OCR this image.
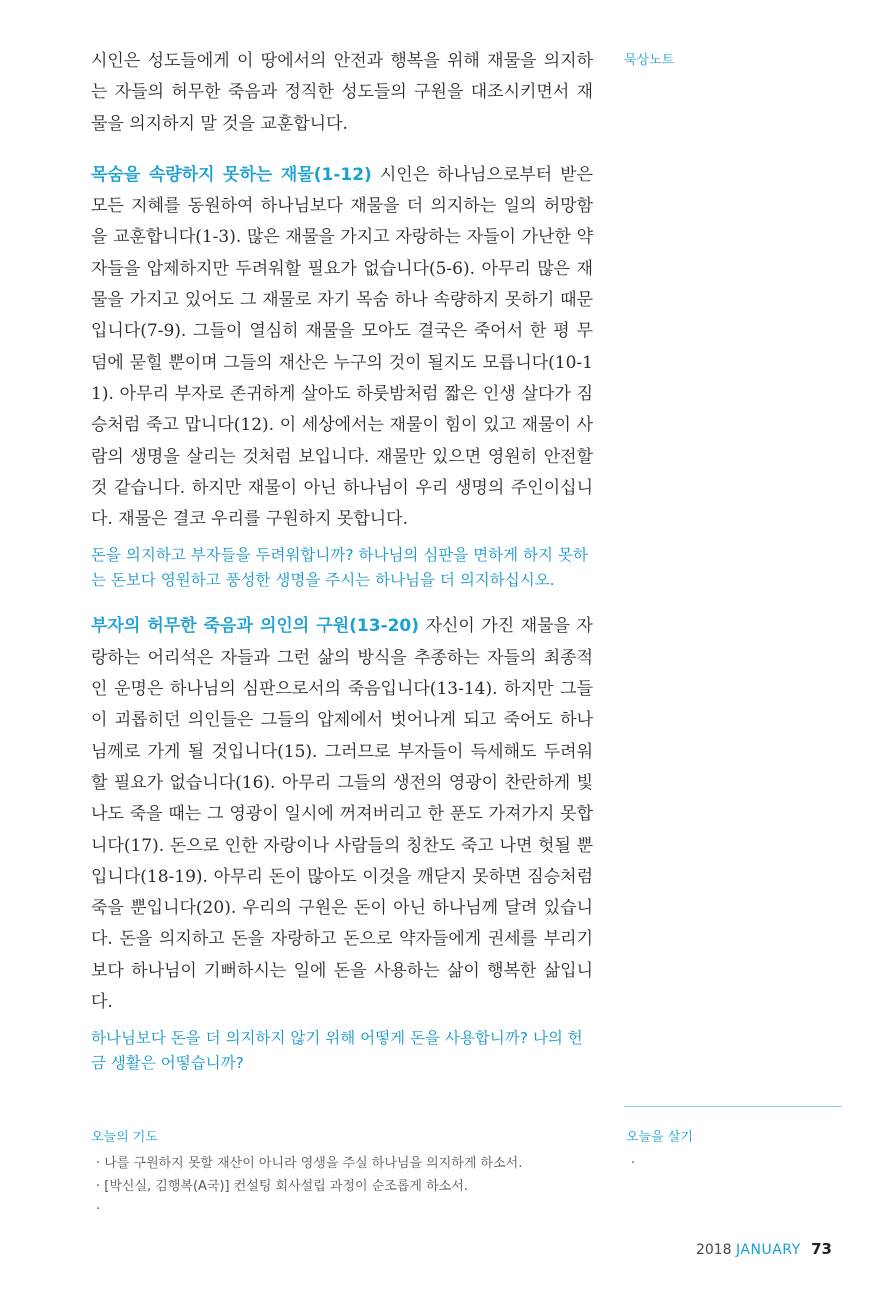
시인은 성도들에게 이 땅에서의 안전과 행복을 위해 재물을 의지하는 자들의 허무한 죽음과 정직한 성도들의 구원을 대조시키면서 재물을 의지하지 말 것을 교훈합니다.

목숨을 속량하지 못하는 재물(1-12) 시인은 하나님으로부터 받은 모든 지혜를 동원하여 하나님보다 재물을 더 의지하는 일의 허망함을 교훈합니다(1-3). 많은 재물을 가지고 자랑하는 자들이 가난한 약자들을 압제하지만 두려워할 필요가 없습니다(5-6). 아무리 많은 재물을 가지고 있어도 그 재물로 자기 목숨 하나 속량하지 못하기 때문입니다(7-9). 그들이 열심히 재물을 모아도 결국은 죽어서 한 평 무덤에 묻힐 뿐이며 그들의 재산은 누구의 것이 될지도 모릅니다(10-11). 아무리 부자로 존귀하게 살아도 하룻밤처럼 짧은 인생 살다가 짐승처럼 죽고 맙니다(12). 이 세상에서는 재물이 힘이 있고 재물이 사람의 생명을 살리는 것처럼 보입니다. 재물만 있으면 영원히 안전할 것 같습니다. 하지만 재물이 아닌 하나님이 우리 생명의 주인이십니다. 재물은 결코 우리를 구원하지 못합니다.

돈을 의지하고 부자들을 두려워합니까? 하나님의 심판을 면하게 하지 못하는 돈보다 영원하고 풍성한 생명을 주시는 하나님을 더 의지하십시오.

부자의 허무한 죽음과 의인의 구원(13-20) 자신이 가진 재물을 자랑하는 어리석은 자들과 그런 삶의 방식을 추종하는 자들의 최종적인 운명은 하나님의 심판으로서의 죽음입니다(13-14). 하지만 그들이 괴롭히던 의인들은 그들의 압제에서 벗어나게 되고 죽어도 하나님께로 가게 될 것입니다(15). 그러므로 부자들이 득세해도 두려워할 필요가 없습니다(16). 아무리 그들의 생전의 영광이 찬란하게 빛나도 죽을 때는 그 영광이 일시에 꺼져버리고 한 푼도 가져가지 못합니다(17). 돈으로 인한 자랑이나 사람들의 칭찬도 죽고 나면 헛될 뿐입니다(18-19). 아무리 돈이 많아도 이것을 깨닫지 못하면 짐승처럼 죽을 뿐입니다(20). 우리의 구원은 돈이 아닌 하나님께 달려 있습니다. 돈을 의지하고 돈을 자랑하고 돈으로 약자들에게 권세를 부리기보다 하나님이 기뻐하시는 일에 돈을 사용하는 삶이 행복한 삶입니다.

하나님보다 돈을 더 의지하지 않기 위해 어떻게 돈을 사용합니까? 나의 헌금 생활은 어떻습니까?

묵상노트
오늘의 기도
· 나를 구원하지 못할 재산이 아니라 영생을 주실 하나님을 의지하게 하소서.
· [박신실, 김행복(A국)] 컨설팅 회사설립 과정이 순조롭게 하소서.
·
오늘을 살기
·
2018 JANUARY 73
